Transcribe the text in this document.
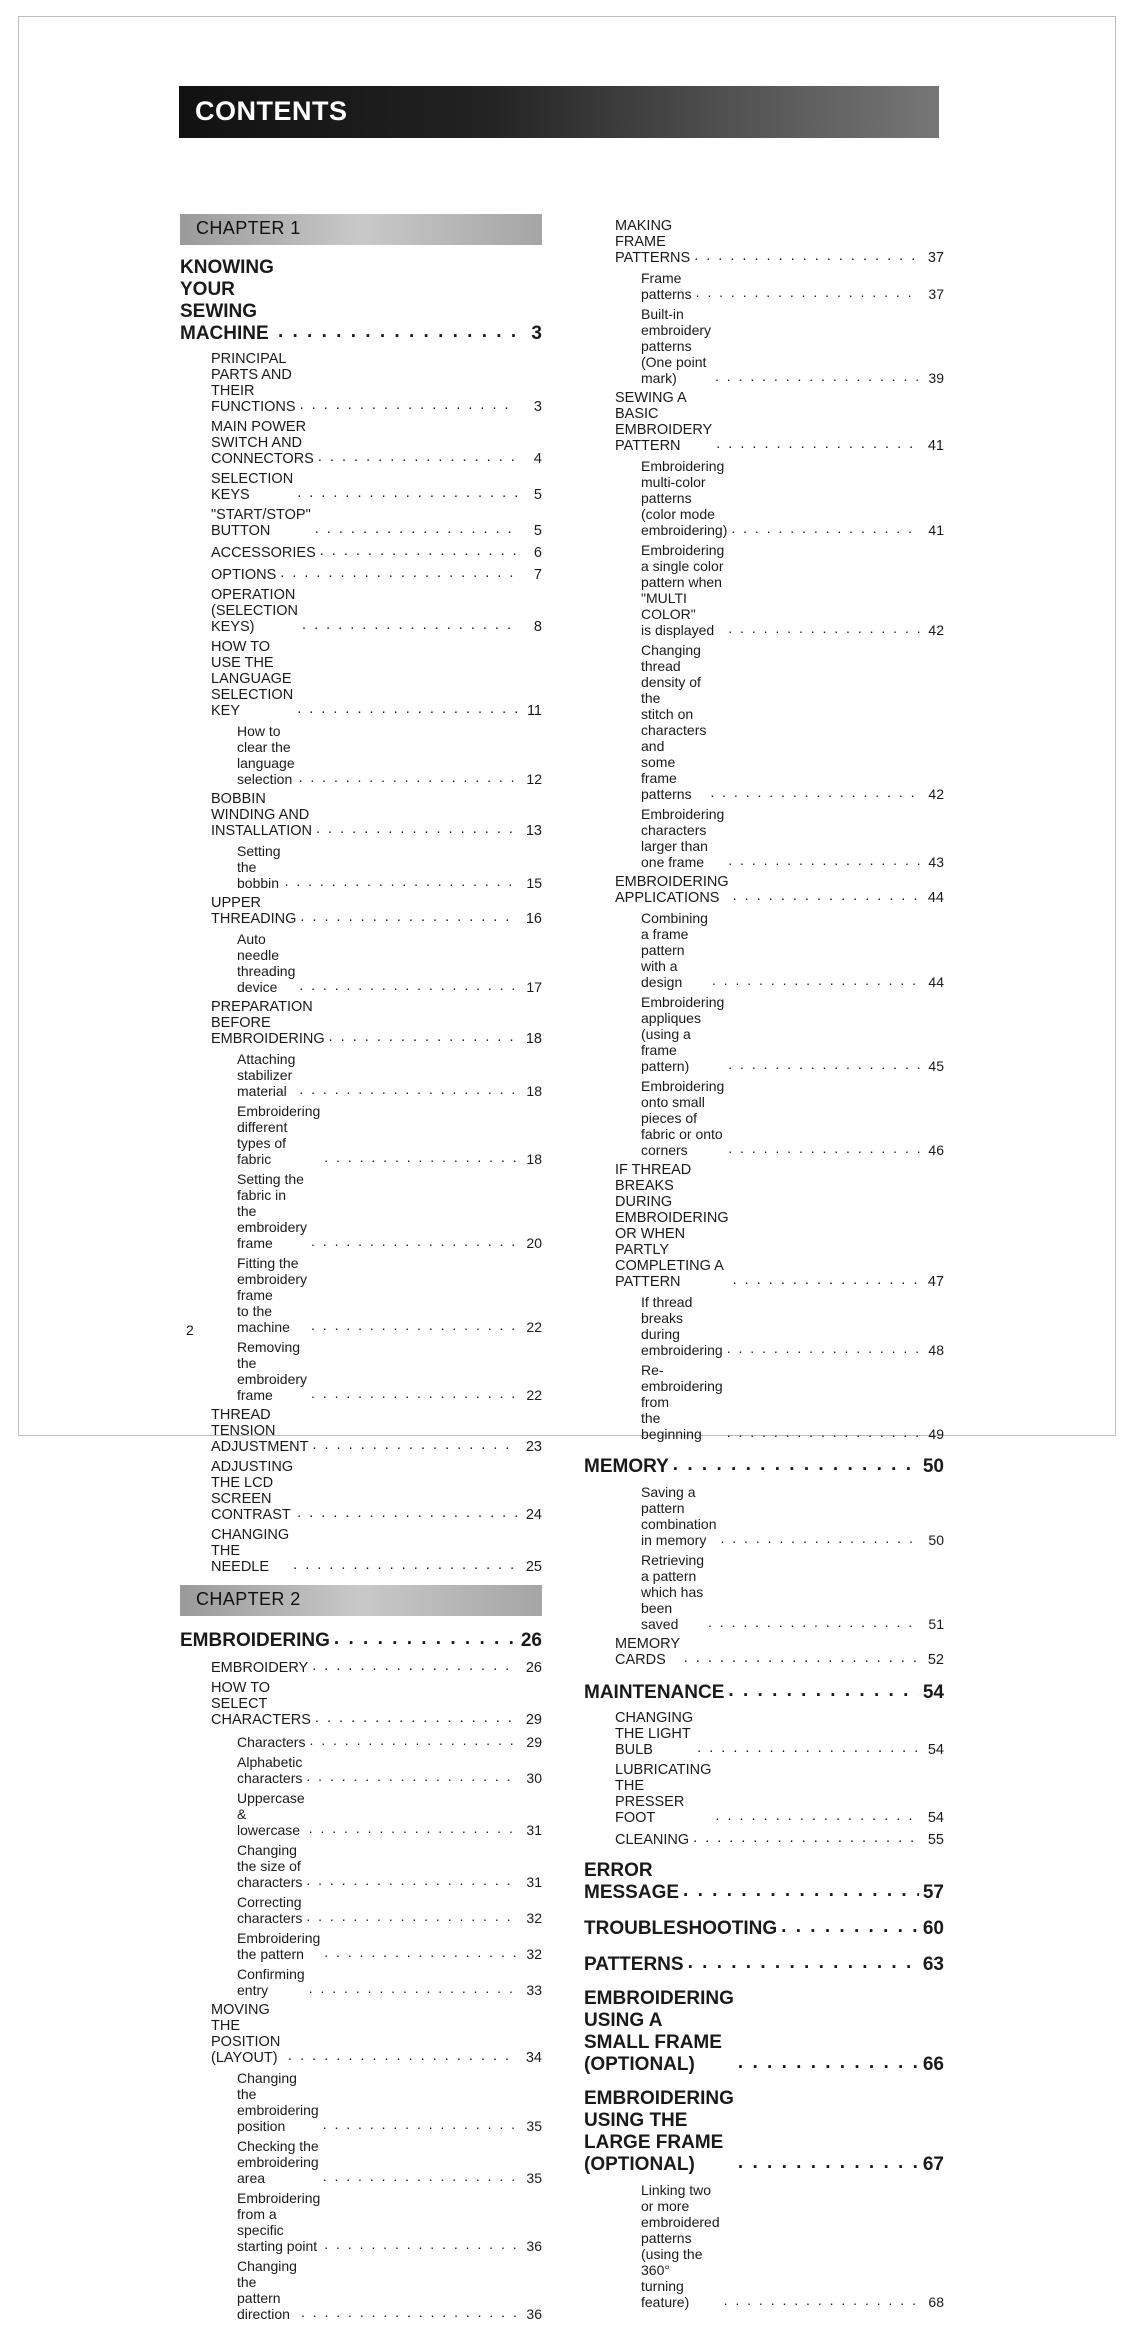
CONTENTS
CHAPTER 1
KNOWING YOUR SEWING
MACHINE . . .	3
PRINCIPAL PARTS AND
THEIR FUNCTIONS . . .	3
MAIN POWER SWITCH AND
CONNECTORS . . .	4
SELECTION KEYS . . .	5
"START/STOP" BUTTON . . .	5
ACCESSORIES . . .	6
OPTIONS . . .	7
OPERATION (SELECTION KEYS) . . .	8
HOW TO USE THE LANGUAGE
SELECTION KEY . . .	11
How to clear the
language selection . . .	12
BOBBIN WINDING AND
INSTALLATION . . .	13
Setting the bobbin . . .	15
UPPER THREADING . . .	16
Auto needle threading device . . .	17
PREPARATION BEFORE
EMBROIDERING . . .	18
Attaching stabilizer material . . .	18
Embroidering different
types of fabric . . .	18
Setting the fabric in the
embroidery frame . . .	20
Fitting the embroidery frame
to the machine . . .	22
Removing the embroidery frame . . .	22
THREAD TENSION ADJUSTMENT . . .	23
ADJUSTING THE LCD
SCREEN CONTRAST . . .	24
CHANGING THE NEEDLE . . .	25
CHAPTER 2
EMBROIDERING . . .	26
EMBROIDERY . . .	26
HOW TO SELECT CHARACTERS . . .	29
Characters . . .	29
Alphabetic characters . . .	30
Uppercase & lowercase . . .	31
Changing the size of characters . . .	31
Correcting characters . . .	32
Embroidering the pattern . . .	32
Confirming entry . . .	33
MOVING THE POSITION (LAYOUT) . . .	34
Changing the embroidering
position . . .	35
Checking the embroidering area . . .	35
Embroidering from a specific
starting point . . .	36
Changing the pattern direction . . .	36
MAKING FRAME PATTERNS . . .	37
Frame patterns . . .	37
Built-in embroidery patterns
(One point mark) . . .	39
SEWING A BASIC EMBROIDERY
PATTERN . . .	41
Embroidering multi-color patterns
(color mode embroidering) . . .	41
Embroidering a single color
pattern when "MULTI COLOR"
is displayed . . .	42
Changing thread density of the
stitch on characters and
some frame patterns . . .	42
Embroidering characters
larger than one frame . . .	43
EMBROIDERING APPLICATIONS . . .	44
Combining a frame pattern
with a design . . .	44
Embroidering appliques
(using a frame pattern) . . .	45
Embroidering onto small
pieces of fabric or onto corners . . .	46
IF THREAD BREAKS DURING
EMBROIDERING OR WHEN PARTLY
COMPLETING A PATTERN . . .	47
If thread breaks during
embroidering . . .	48
Re-embroidering from
the beginning . . .	49
MEMORY . . .	50
Saving a pattern combination
in memory . . .	50
Retrieving a pattern which has
been saved . . .	51
MEMORY CARDS . . .	52
MAINTENANCE . . .	54
CHANGING THE LIGHT BULB . . .	54
LUBRICATING THE PRESSER
FOOT . . .	54
CLEANING . . .	55
ERROR MESSAGE . . .	57
TROUBLESHOOTING . . .	60
PATTERNS . . .	63
EMBROIDERING USING A
SMALL FRAME (OPTIONAL) . . .	66
EMBROIDERING USING THE
LARGE FRAME (OPTIONAL) . . .	67
Linking two or more embroidered
patterns (using the 360°
turning feature) . . .	68
2
